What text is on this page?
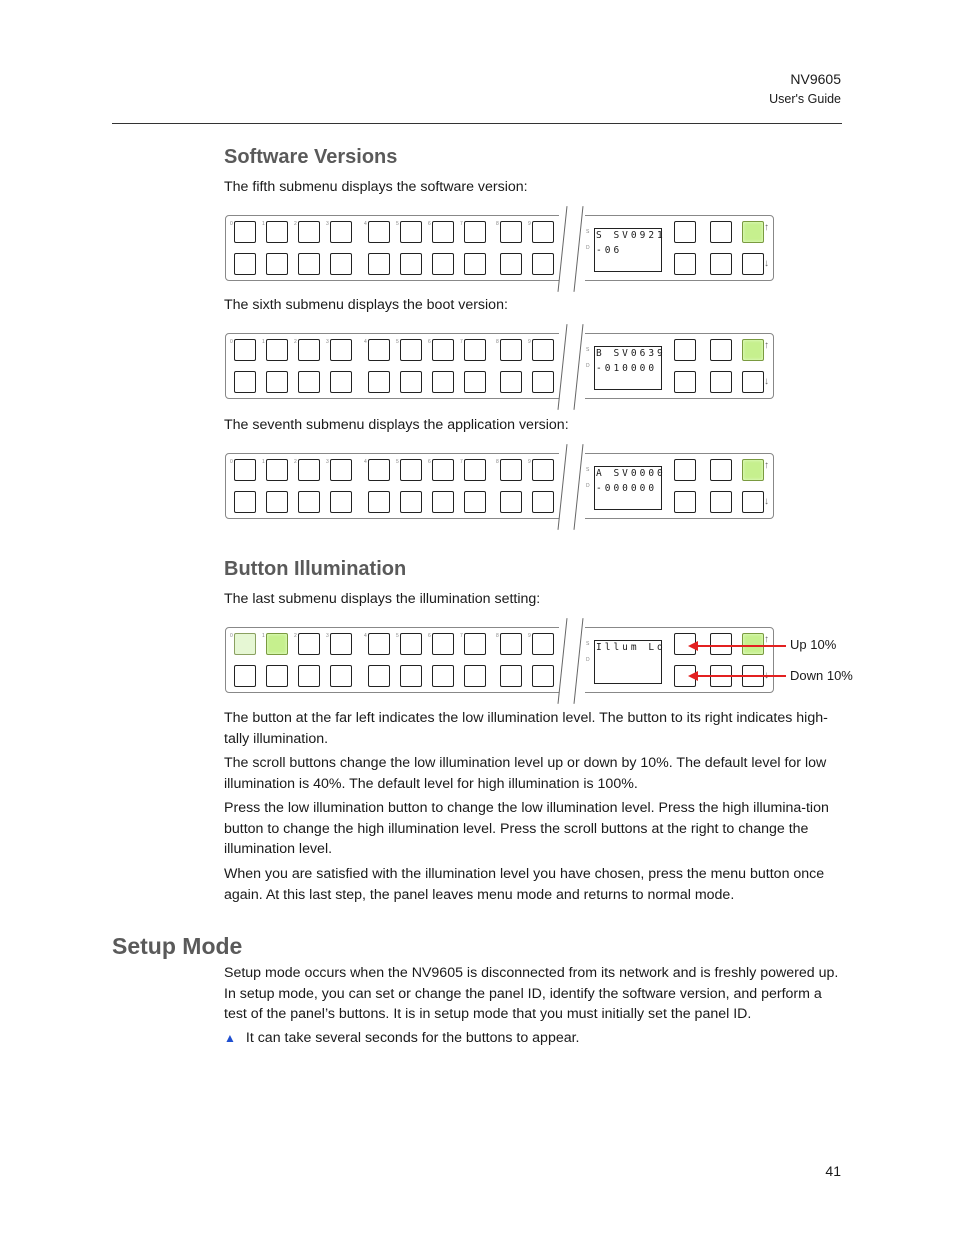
NV9605
User's Guide
Software Versions

The fifth submenu displays the software version:

0	1	2	3	4	5	6	7	8	9
S
D
S SV0921
-06
↑
↓

The sixth submenu displays the boot version:

0	1	2	3	4	5	6	7	8	9
S
D
B SV0639
-010000
↑
↓

The seventh submenu displays the application version:

0	1	2	3	4	5	6	7	8	9
S
D
A SV0000
-000000
↑
↓
Button Illumination

The last submenu displays the illumination setting:

0	1	2	3	4	5	6	7	8	9
S
D
Illum Lo
↑ Up 10%
Down 10%

The button at the far left indicates the low illumination level. The button to its right indicates high-tally illumination.

The scroll buttons change the low illumination level up or down by 10%. The default level for low illumination is 40%. The default level for high illumination is 100%.

Press the low illumination button to change the low illumination level. Press the high illumina-tion button to change the high illumination level. Press the scroll buttons at the right to change the illumination level.

When you are satisfied with the illumination level you have chosen, press the menu button once again. At this last step, the panel leaves menu mode and returns to normal mode.

Setup Mode

Setup mode occurs when the NV9605 is disconnected from its network and is freshly powered up. In setup mode, you can set or change the panel ID, identify the software version, and perform a test of the panel’s buttons. It is in setup mode that you must initially set the panel ID.

▲ It can take several seconds for the buttons to appear.
41
